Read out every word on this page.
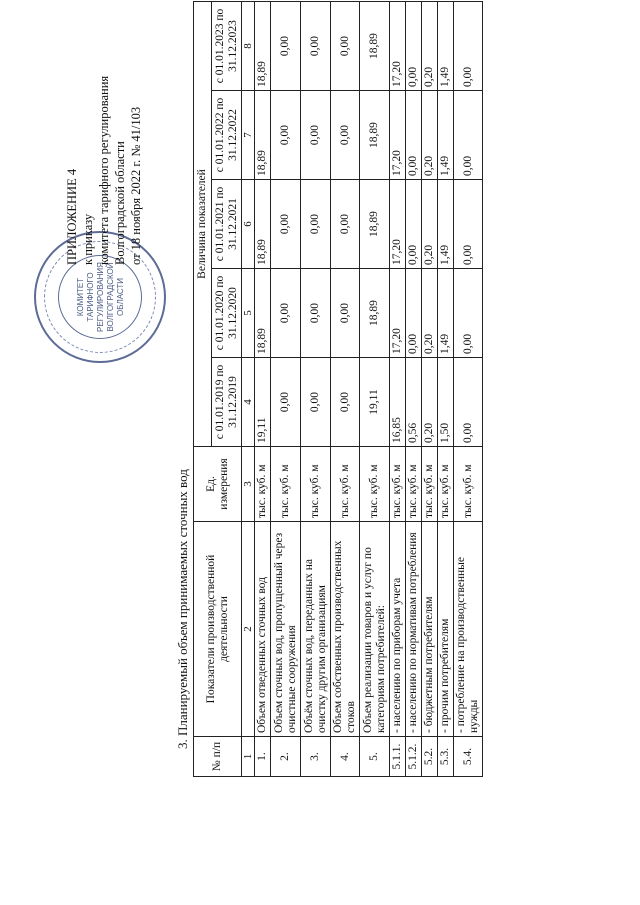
КОМИТЕТ ТАРИФНОГО РЕГУЛИРОВАНИЯ ВОЛГОГРАДСКОЙ ОБЛАСТИ
ПРИЛОЖЕНИЕ 4 к приказу комитета тарифного регулирования Волгоградской области от 18 ноября 2022 г. № 41/103
3. Планируемый объем принимаемых сточных вод
№ п/п	Показатели производственной деятельности	Ед. измерения	Величина показателей				
			с 01.01.2019 по 31.12.2019	с 01.01.2020 по 31.12.2020	с 01.01.2021 по 31.12.2021	с 01.01.2022 по 31.12.2022	с 01.01.2023 по 31.12.2023
1	2	3	4	5	6	7	8
1.	Объем отведенных сточных вод	тыс. куб. м	19,11	18,89	18,89	18,89	18,89
2.	Объем сточных вод, пропущенный через очистные сооружения	тыс. куб. м	0,00	0,00	0,00	0,00	0,00
3.	Объём сточных вод, переданных на очистку другим организациям	тыс. куб. м	0,00	0,00	0,00	0,00	0,00
4.	Объем собственных производственных стоков	тыс. куб. м	0,00	0,00	0,00	0,00	0,00
5.	Объем реализации товаров и услуг по категориям потребителей:	тыс. куб. м	19,11	18,89	18,89	18,89	18,89
5.1.1.	- населению по приборам учета	тыс. куб. м	16,85	17,20	17,20	17,20	17,20
5.1.2.	- населению по нормативам потребления	тыс. куб. м	0,56	0,00	0,00	0,00	0,00
5.2.	- бюджетным потребителям	тыс. куб. м	0,20	0,20	0,20	0,20	0,20
5.3.	- прочим потребителям	тыс. куб. м	1,50	1,49	1,49	1,49	1,49
5.4.	- потребление на производственные нужды	тыс. куб. м	0,00	0,00	0,00	0,00	0,00
